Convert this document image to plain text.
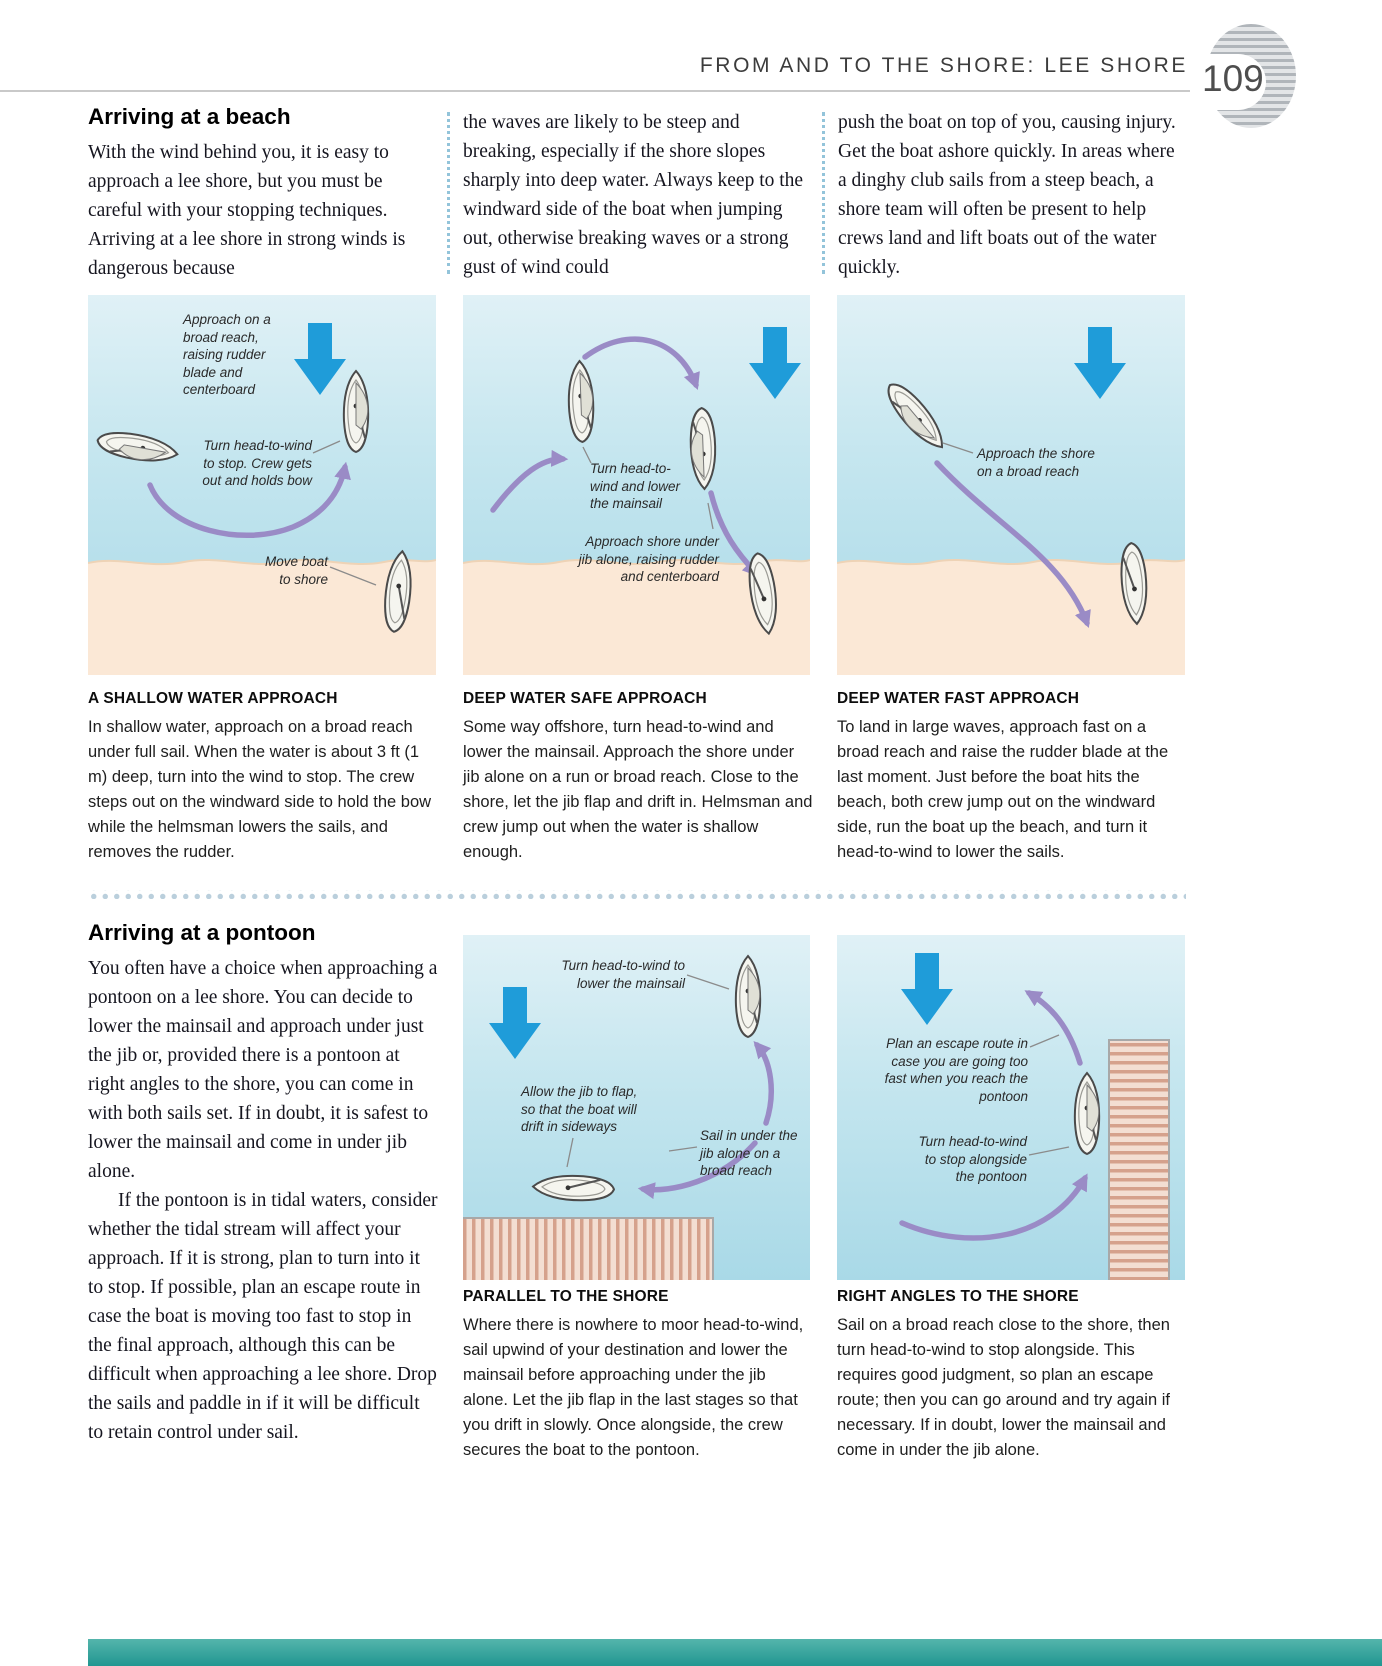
FROM AND TO THE SHORE: LEE SHORE 109
Arriving at a beach

With the wind behind you, it is easy to approach a lee shore, but you must be careful with your stopping techniques. Arriving at a lee shore in strong winds is dangerous because

the waves are likely to be steep and breaking, especially if the shore slopes sharply into deep water. Always keep to the windward side of the boat when jumping out, otherwise breaking waves or a strong gust of wind could

push the boat on top of you, causing injury. Get the boat ashore quickly. In areas where a dinghy club sails from a steep beach, a shore team will often be present to help crews land and lift boats out of the water quickly.

Approach on a broad reach, raising rudder blade and centerboard
Turn head-to-wind to stop. Crew gets out and holds bow
Move boat to shore
Turn head-to-wind and lower the mainsail
Approach shore under jib alone, raising rudder and centerboard
Approach the shore on a broad reach
A SHALLOW WATER APPROACH

In shallow water, approach on a broad reach under full sail. When the water is about 3 ft (1 m) deep, turn into the wind to stop. The crew steps out on the windward side to hold the bow while the helmsman lowers the sails, and removes the rudder.

DEEP WATER SAFE APPROACH

Some way offshore, turn head-to-wind and lower the mainsail. Approach the shore under jib alone on a run or broad reach. Close to the shore, let the jib flap and drift in. Helmsman and crew jump out when the water is shallow enough.

DEEP WATER FAST APPROACH

To land in large waves, approach fast on a broad reach and raise the rudder blade at the last moment. Just before the boat hits the beach, both crew jump out on the windward side, run the boat up the beach, and turn it head-to-wind to lower the sails.

Arriving at a pontoon

You often have a choice when approaching a pontoon on a lee shore. You can decide to lower the mainsail and approach under just the jib or, provided there is a pontoon at right angles to the shore, you can come in with both sails set. If in doubt, it is safest to lower the mainsail and come in under jib alone.

If the pontoon is in tidal waters, consider whether the tidal stream will affect your approach. If it is strong, plan to turn into it to stop. If possible, plan an escape route in case the boat is moving too fast to stop in the final approach, although this can be difficult when approaching a lee shore. Drop the sails and paddle in if it will be difficult to retain control under sail.

Turn head-to-wind to lower the mainsail
Allow the jib to flap, so that the boat will drift in sideways
Sail in under the jib alone on a broad reach
Plan an escape route in case you are going too fast when you reach the pontoon
Turn head-to-wind to stop alongside the pontoon
PARALLEL TO THE SHORE

Where there is nowhere to moor head-to-wind, sail upwind of your destination and lower the mainsail before approaching under the jib alone. Let the jib flap in the last stages so that you drift in slowly. Once alongside, the crew secures the boat to the pontoon.

RIGHT ANGLES TO THE SHORE

Sail on a broad reach close to the shore, then turn head-to-wind to stop alongside. This requires good judgment, so plan an escape route; then you can go around and try again if necessary. If in doubt, lower the mainsail and come in under the jib alone.
